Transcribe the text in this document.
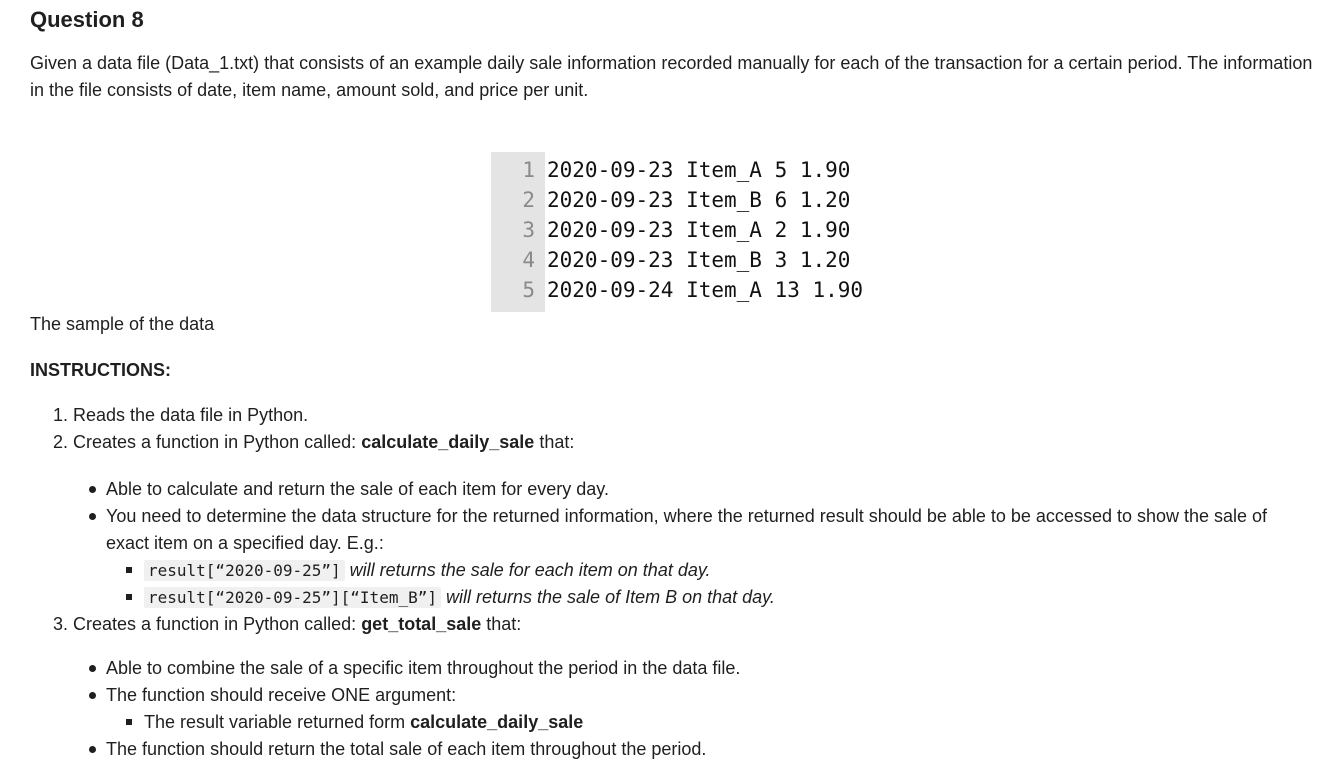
Question 8

Given a data file (Data_1.txt) that consists of an example daily sale information recorded manually for each of the transaction for a certain period. The information in the file consists of date, item name, amount sold, and price per unit.

1
2
3
4
5
2020-09-23 Item_A 5 1.90
2020-09-23 Item_B 6 1.20
2020-09-23 Item_A 2 1.90
2020-09-23 Item_B 3 1.20
2020-09-24 Item_A 13 1.90

The sample of the data

INSTRUCTIONS:

1. Reads the data file in Python.
2. Creates a function in Python called: calculate_daily_sale that:
Able to calculate and return the sale of each item for every day.
You need to determine the data structure for the returned information, where the returned result should be able to be accessed to show the sale of
exact item on a specified day. E.g.:
result[“2020-09-25”] will returns the sale for each item on that day.
result[“2020-09-25”][“Item_B”] will returns the sale of Item B on that day.
3. Creates a function in Python called: get_total_sale that:
Able to combine the sale of a specific item throughout the period in the data file.
The function should receive ONE argument:
The result variable returned form calculate_daily_sale
The function should return the total sale of each item throughout the period.
